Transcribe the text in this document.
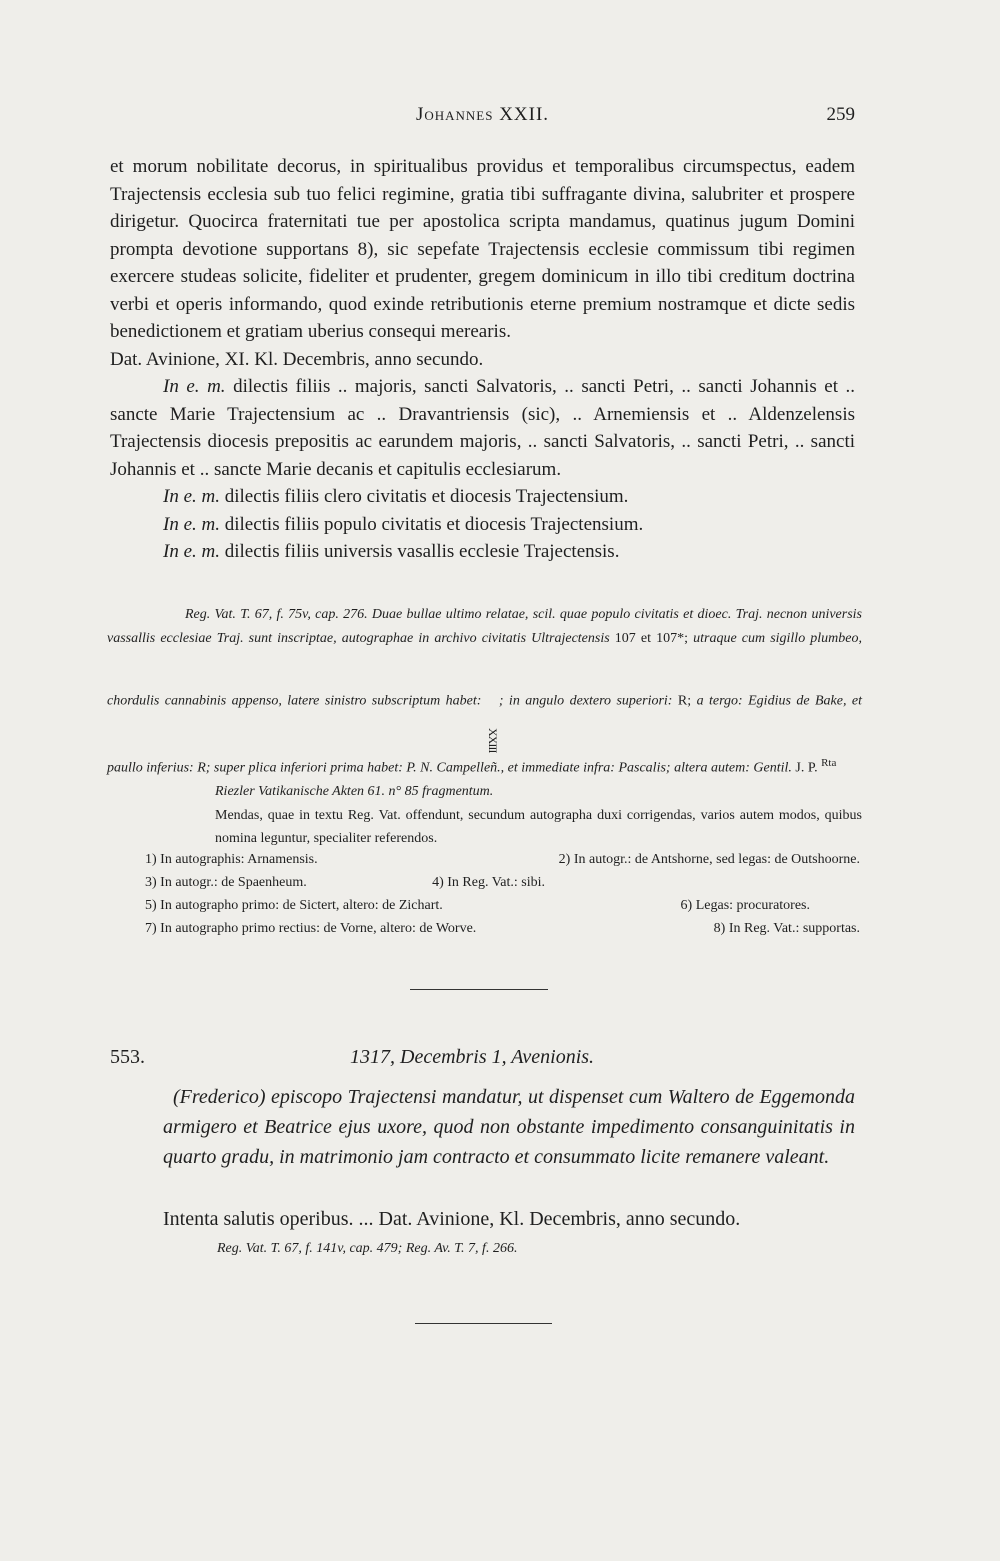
Johannes XXII.	259

et morum nobilitate decorus, in spiritualibus providus et temporalibus circumspectus, eadem Trajectensis ecclesia sub tuo felici regimine, gratia tibi suffragante divina, salubriter et prospere dirigetur. Quocirca fraternitati tue per apostolica scripta mandamus, quatinus jugum Domini prompta devotione supportans 8), sic sepefate Trajectensis ecclesie commissum tibi regimen exercere studeas solicite, fideliter et prudenter, gregem dominicum in illo tibi creditum doctrina verbi et operis informando, quod exinde retributionis eterne premium nostramque et dicte sedis benedictionem et gratiam uberius consequi merearis.

Dat. Avinione, XI. Kl. Decembris, anno secundo.

In e. m. dilectis filiis .. majoris, sancti Salvatoris, .. sancti Petri, .. sancti Johannis et .. sancte Marie Trajectensium ac .. Dravantriensis (sic), .. Arnemiensis et .. Aldenzelensis Trajectensis diocesis prepositis ac earundem majoris, .. sancti Salvatoris, .. sancti Petri, .. sancti Johannis et .. sancte Marie decanis et capitulis ecclesiarum.

In e. m. dilectis filiis clero civitatis et diocesis Trajectensium.

In e. m. dilectis filiis populo civitatis et diocesis Trajectensium.

In e. m. dilectis filiis universis vasallis ecclesie Trajectensis.

Reg. Vat. T. 67, f. 75v, cap. 276. Duae bullae ultimo relatae, scil. quae populo civitatis et dioec. Traj. necnon universis vassallis ecclesiae Traj. sunt inscriptae, autographae in archivo civitatis Ultrajectensis 107 et 107*; utraque cum sigillo plumbeo, chordulis cannabinis appenso, latere sinistro subscriptum habet: XXIII; in angulo dextero superiori: R; a tergo: Egidius de Bake, et paullo inferius: R; super plica inferiori prima habet: P. N. Campelleñ., et immediate infra: Pascalis; altera autem: Gentil. J. P. $^{Rta}$

Riezler Vatikanische Akten 61. n° 85 fragmentum.

Mendas, quae in textu Reg. Vat. offendunt, secundum autographa duxi corrigendas, varios autem modos, quibus nomina leguntur, specialiter referendos.

1) In autographis: Arnamensis.	2) In autogr.: de Antshorne, sed legas: de Outshoorne.
3) In autogr.: de Spaenheum.	4) In Reg. Vat.: sibi.
5) In autographo primo: de Sictert, altero: de Zichart.	6) Legas: procuratores.
7) In autographo primo rectius: de Vorne, altero: de Worve.	8) In Reg. Vat.: supportas.
553.	1317, Decembris 1, Avenionis.

(Frederico) episcopo Trajectensi mandatur, ut dispenset cum Waltero de Eggemonda armigero et Beatrice ejus uxore, quod non obstante impedimento consanguinitatis in quarto gradu, in matrimonio jam contracto et consummato licite remanere valeant.

Intenta salutis operibus. ... Dat. Avinione, Kl. Decembris, anno secundo.
Reg. Vat. T. 67, f. 141v, cap. 479; Reg. Av. T. 7, f. 266.
